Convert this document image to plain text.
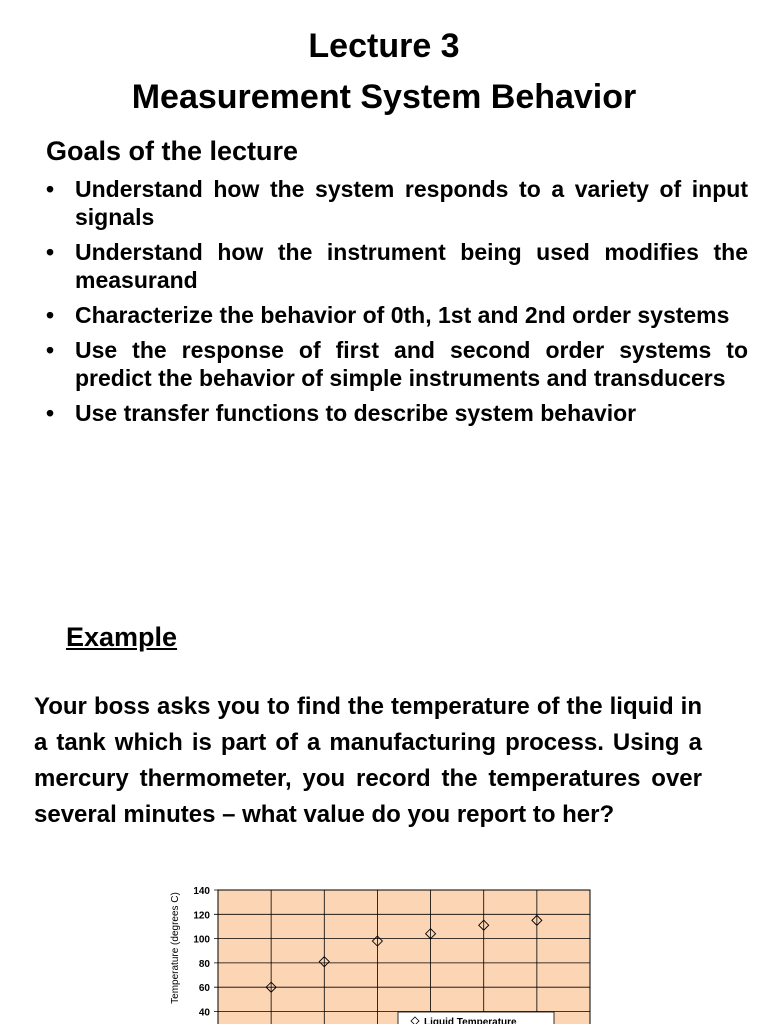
Lecture 3
Measurement System Behavior
Goals of the lecture
• Understand how the system responds to a variety of input signals
• Understand how the instrument being used modifies the measurand
• Characterize the behavior of 0th, 1st and 2nd order systems
• Use the response of first and second order systems to predict the behavior of simple instruments and transducers
• Use transfer functions to describe system behavior
Example
Your boss asks you to find the temperature of the liquid in a tank which is part of a manufacturing process. Using a mercury thermometer, you record the temperatures over several minutes – what value do you report to her?
140
120
100
80
60
40
Temperature (degrees C)
Liquid Temperature
